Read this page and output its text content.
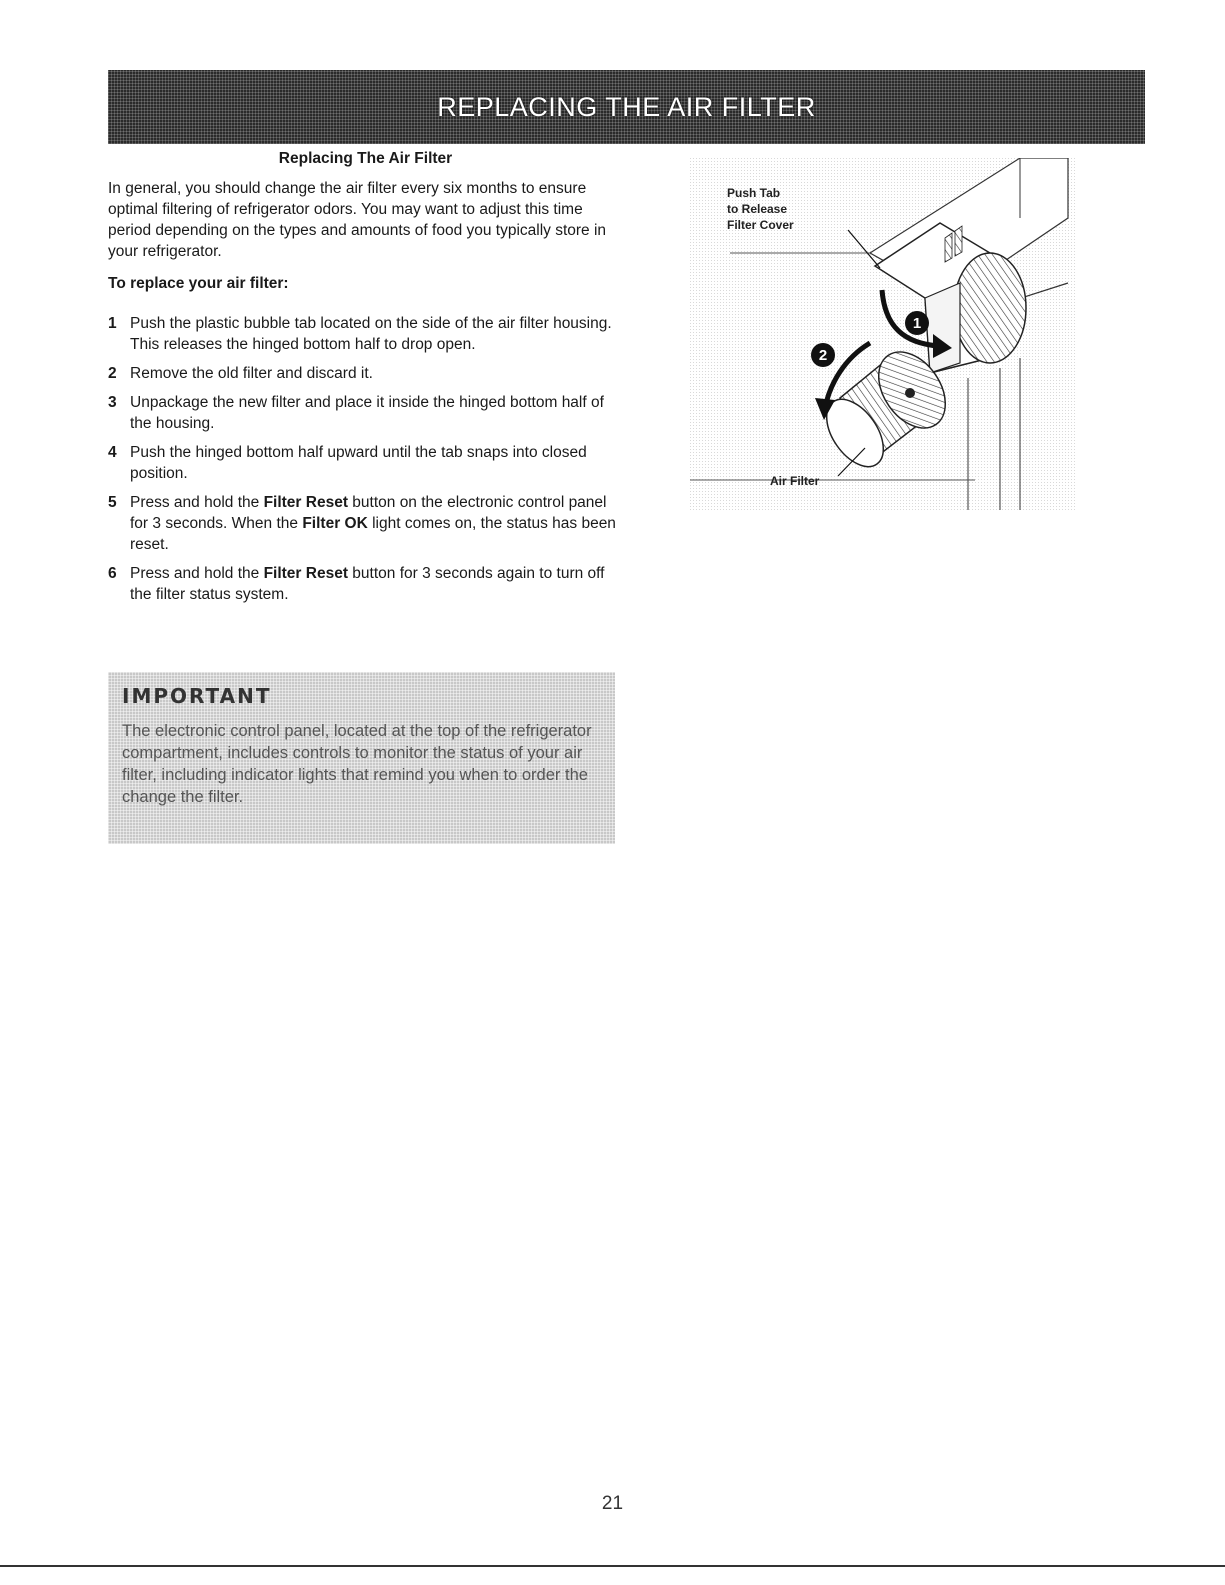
REPLACING THE AIR FILTER
Replacing The Air Filter

In general, you should change the air filter every six months to ensure optimal filtering of refrigerator odors. You may want to adjust this time period depending on the types and amounts of food you typically store in your refrigerator.

To replace your air filter:
1 Push the plastic bubble tab located on the side of the air filter housing. This releases the hinged bottom half to drop open.
2 Remove the old filter and discard it.
3 Unpackage the new filter and place it inside the hinged bottom half of the housing.
4 Push the hinged bottom half upward until the tab snaps into closed position.
5 Press and hold the Filter Reset button on the electronic control panel for 3 seconds. When the Filter OK light comes on, the status has been reset.
6 Press and hold the Filter Reset button for 3 seconds again to turn off the filter status system.
IMPORTANT

The electronic control panel, located at the top of the refrigerator compartment, includes controls to monitor the status of your air filter, including indicator lights that remind you when to order the change the filter.

1
2
Push Tab
to Release
Filter Cover
Air Filter
21
